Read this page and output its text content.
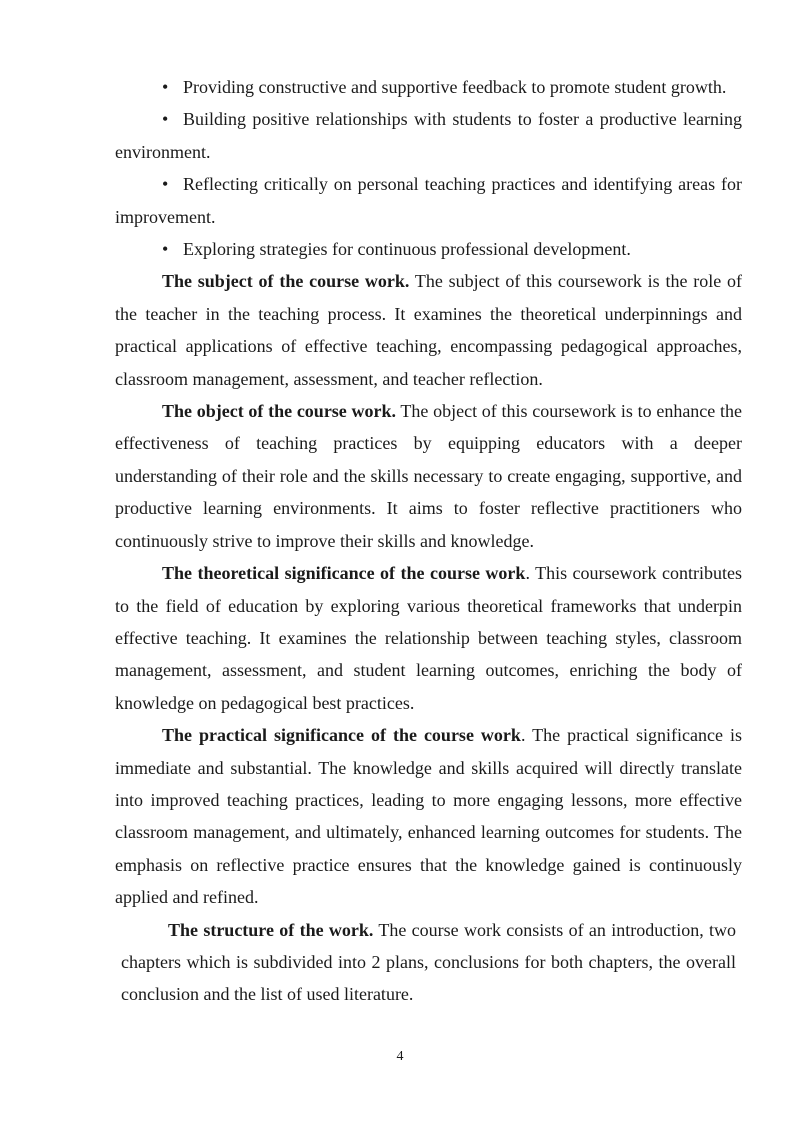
• Providing constructive and supportive feedback to promote student growth.

• Building positive relationships with students to foster a productive learning environment.

• Reflecting critically on personal teaching practices and identifying areas for improvement.

• Exploring strategies for continuous professional development.

The subject of the course work. The subject of this coursework is the role of the teacher in the teaching process. It examines the theoretical underpinnings and practical applications of effective teaching, encompassing pedagogical approaches, classroom management, assessment, and teacher reflection.

The object of the course work. The object of this coursework is to enhance the effectiveness of teaching practices by equipping educators with a deeper understanding of their role and the skills necessary to create engaging, supportive, and productive learning environments. It aims to foster reflective practitioners who continuously strive to improve their skills and knowledge.

The theoretical significance of the course work. This coursework contributes to the field of education by exploring various theoretical frameworks that underpin effective teaching. It examines the relationship between teaching styles, classroom management, assessment, and student learning outcomes, enriching the body of knowledge on pedagogical best practices.

The practical significance of the course work. The practical significance is immediate and substantial. The knowledge and skills acquired will directly translate into improved teaching practices, leading to more engaging lessons, more effective classroom management, and ultimately, enhanced learning outcomes for students. The emphasis on reflective practice ensures that the knowledge gained is continuously applied and refined.

The structure of the work. The course work consists of an introduction, two chapters which is subdivided into 2 plans, conclusions for both chapters, the overall conclusion and the list of used literature.

4
